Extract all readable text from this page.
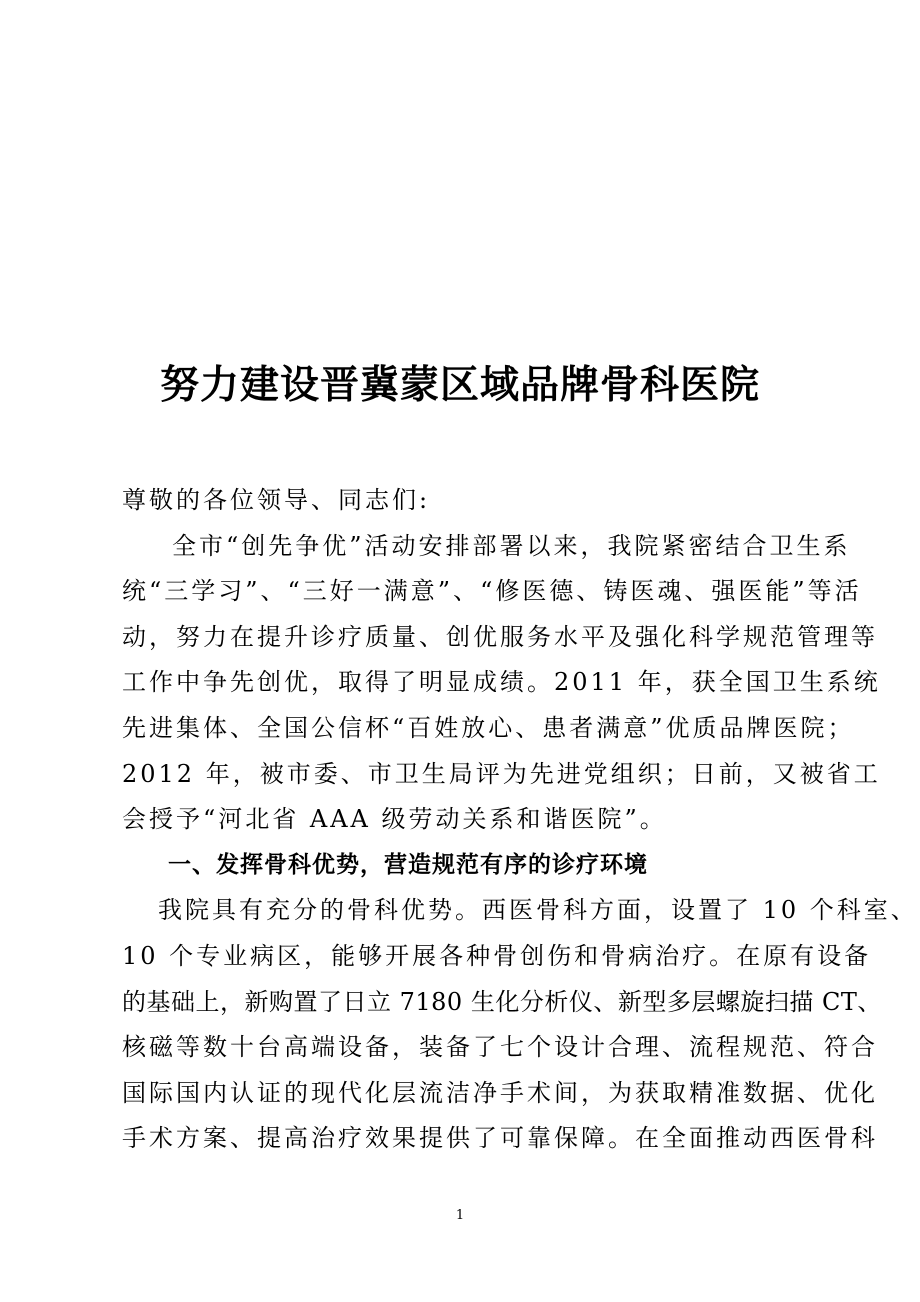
努力建设晋冀蒙区域品牌骨科医院
尊敬的各位领导、同志们:
全市“创先争优”活动安排部署以来，我院紧密结合卫生系
统“三学习”、“三好一满意”、“修医德、铸医魂、强医能”等活
动，努力在提升诊疗质量、创优服务水平及强化科学规范管理等
工作中争先创优，取得了明显成绩。2011 年，获全国卫生系统
先进集体、全国公信杯“百姓放心、患者满意”优质品牌医院；
2012 年，被市委、市卫生局评为先进党组织；日前，又被省工
会授予“河北省 AAA 级劳动关系和谐医院”。
一、发挥骨科优势，营造规范有序的诊疗环境
我院具有充分的骨科优势。西医骨科方面，设置了 10 个科室、
10 个专业病区，能够开展各种骨创伤和骨病治疗。在原有设备
的基础上，新购置了日立 7180 生化分析仪、新型多层螺旋扫描 CT、
核磁等数十台高端设备，装备了七个设计合理、流程规范、符合
国际国内认证的现代化层流洁净手术间，为获取精准数据、优化
手术方案、提高治疗效果提供了可靠保障。在全面推动西医骨科
1
